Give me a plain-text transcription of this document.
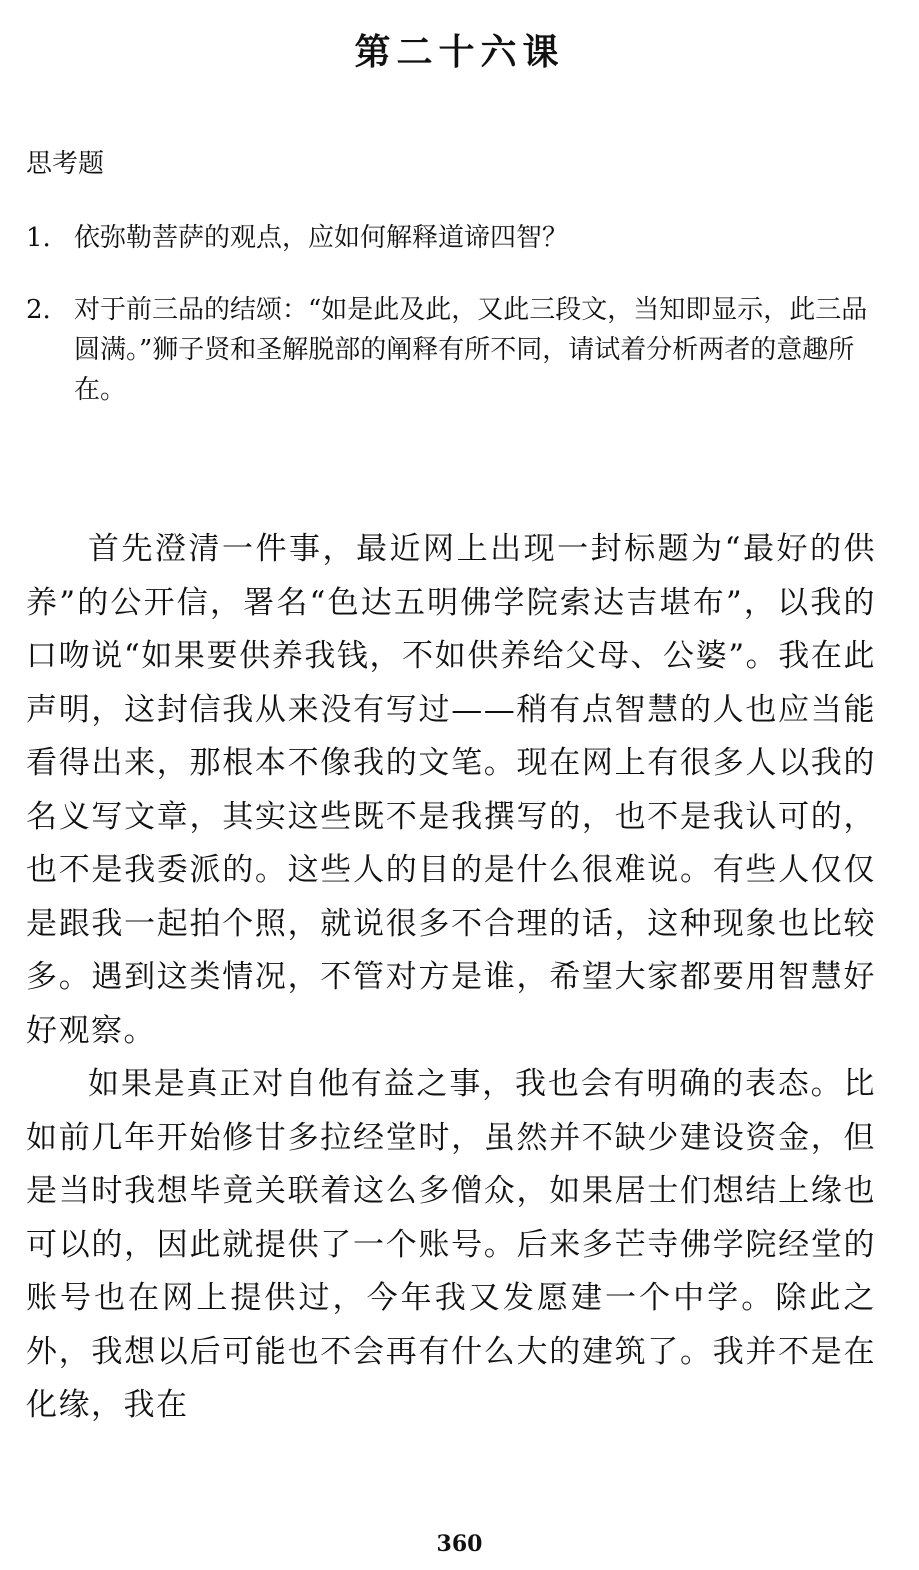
第二十六课
思考题
1. 依弥勒菩萨的观点，应如何解释道谛四智？
2. 对于前三品的结颂：“如是此及此，又此三段文，当知即显示，此三品圆满。”狮子贤和圣解脱部的阐释有所不同，请试着分析两者的意趣所在。

首先澄清一件事，最近网上出现一封标题为“最好的供养”的公开信，署名“色达五明佛学院索达吉堪布”，以我的口吻说“如果要供养我钱，不如供养给父母、公婆”。我在此声明，这封信我从来没有写过——稍有点智慧的人也应当能看得出来，那根本不像我的文笔。现在网上有很多人以我的名义写文章，其实这些既不是我撰写的，也不是我认可的，也不是我委派的。这些人的目的是什么很难说。有些人仅仅是跟我一起拍个照，就说很多不合理的话，这种现象也比较多。遇到这类情况，不管对方是谁，希望大家都要用智慧好好观察。

如果是真正对自他有益之事，我也会有明确的表态。比如前几年开始修甘多拉经堂时，虽然并不缺少建设资金，但是当时我想毕竟关联着这么多僧众，如果居士们想结上缘也可以的，因此就提供了一个账号。后来多芒寺佛学院经堂的账号也在网上提供过，今年我又发愿建一个中学。除此之外，我想以后可能也不会再有什么大的建筑了。我并不是在化缘，我在

360
